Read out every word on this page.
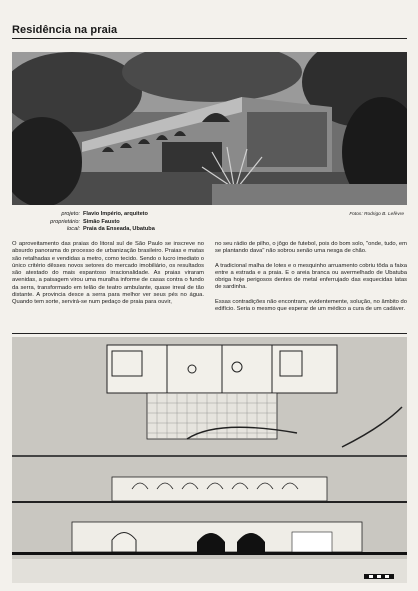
Residência na praia
projeto: Flavio Império, arquiteto
proprietário: Simão Fausto
local: Praia da Enseada, Ubatuba
Fotos: Rodrigo B. Lefèvre

O aproveitamento das praias do litoral sul de São Paulo se inscreve no absurdo panorama do processo de urbanização brasileiro. Praias e matas são retalhadas e vendidas a metro, como tecido. Sendo o lucro imediato o único critério dêsses novos setores do mercado imobiliário, os resultados são atestado do mais espantoso irracionalidade. As praias viraram avenidas, a paisagem virou uma muralha informe de casas contra o fundo da serra, transformado em telão de teatro ambulante, quase irreal de tão distante. A provincia desce a serra para melhor ver seus pés no água. Quando tem sorte, servirá-se num pedaço de praia para ouvir,

no seu rádio de pilho, o jôgo de futebol, pois do bom solo, "onde, tudo, em se plantando dava" não sobrou senão uma nesga de chão.

A tradicional malha de lotes e o mesquinho arruamento cobriu tôda a faixa entre a estrada e a praia. E o areia branca ou avermelhado de Ubatuba obriga hoje perigosos dentes de metal enferrujado das esquecidas latas de sardinha.

Essas contradições não encontram, evidentemente, solução, no âmbito do edifício. Seria o mesmo que esperar de um médico a cura de um cadáver.
